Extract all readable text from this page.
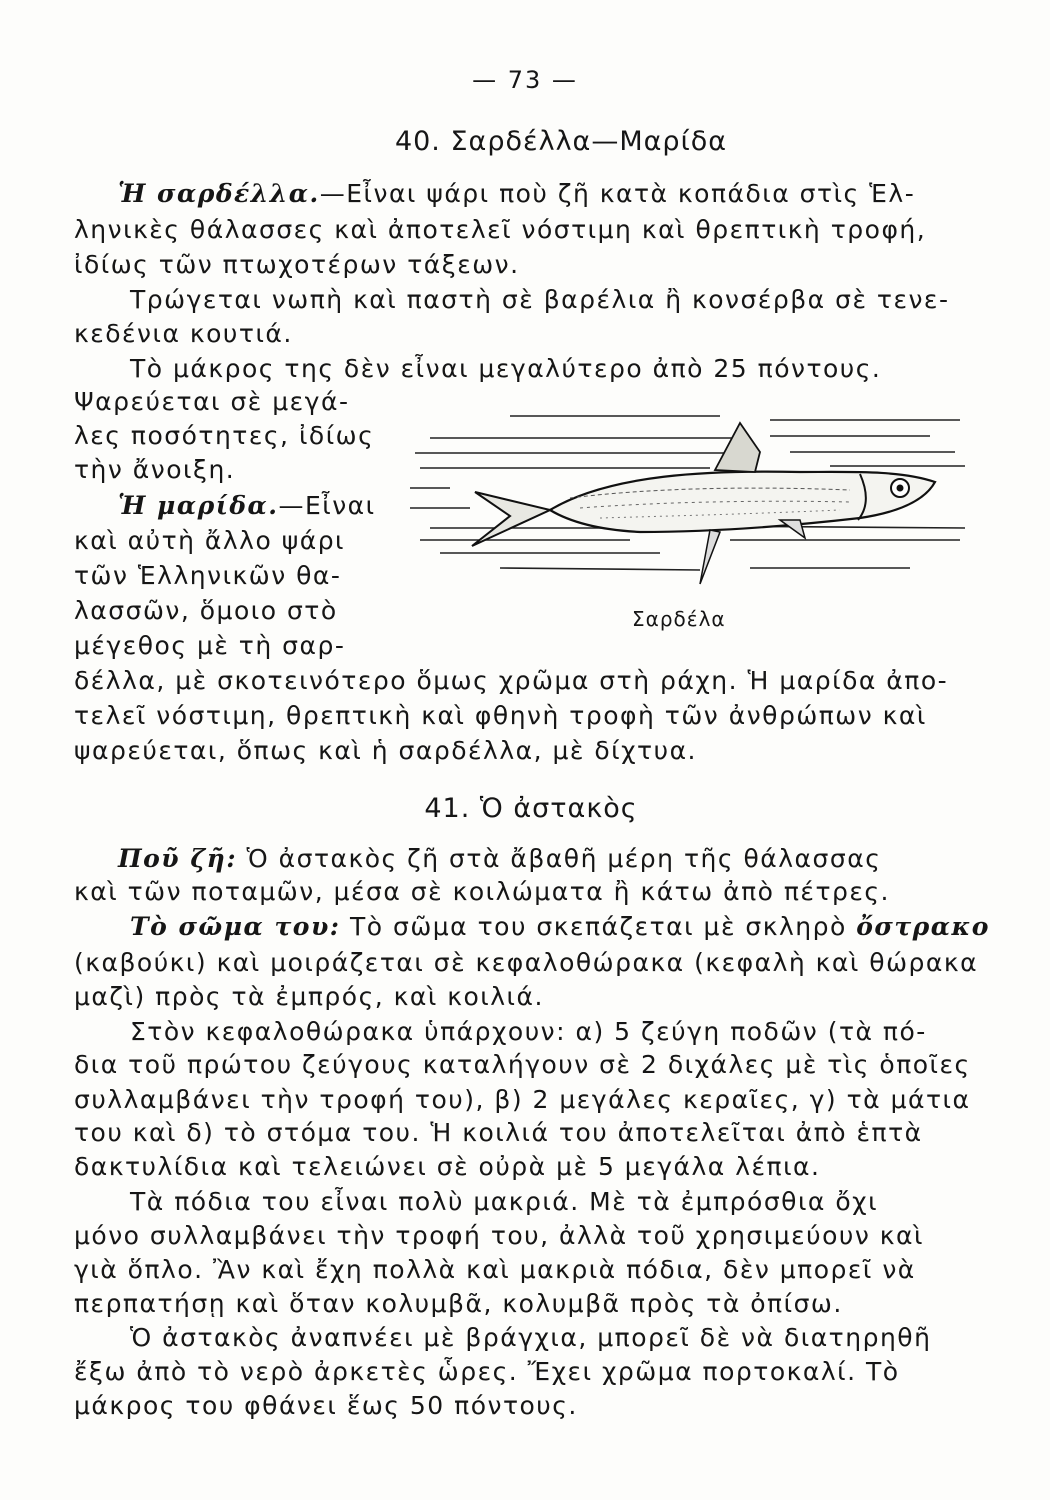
— 73 —
40. Σαρδέλλα—Μαρίδα
Ἡ σαρδέλλα.—Εἶναι ψάρι ποὺ ζῆ κατὰ κοπάδια στὶς Ἑλ-
ληνικὲς θάλασσες καὶ ἀποτελεῖ νόστιμη καὶ θρεπτικὴ τροφή,
ἰδίως τῶν πτωχοτέρων τάξεων.
Τρώγεται νωπὴ καὶ παστὴ σὲ βαρέλια ἢ κονσέρβα σὲ τενε-
κεδένια κουτιά.
Τὸ μάκρος της δὲν εἶναι μεγαλύτερο ἀπὸ 25 πόντους.
Ψαρεύεται σὲ μεγά-
λες ποσότητες, ἰδίως
τὴν ἄνοιξη.
Ἡ μαρίδα.—Εἶναι
καὶ αὐτὴ ἄλλο ψάρι
τῶν Ἑλληνικῶν θα-
λασσῶν, ὅμοιο στὸ
μέγεθος μὲ τὴ σαρ-
δέλλα, μὲ σκοτεινότερο ὅμως χρῶμα στὴ ράχη. Ἡ μαρίδα ἀπο-
τελεῖ νόστιμη, θρεπτικὴ καὶ φθηνὴ τροφὴ τῶν ἀνθρώπων καὶ
ψαρεύεται, ὅπως καὶ ἡ σαρδέλλα, μὲ δίχτυα.
Σαρδέλα
41. Ὁ ἀστακὸς
Ποῦ ζῆ: Ὁ ἀστακὸς ζῆ στὰ ἄβαθῆ μέρη τῆς θάλασσας
καὶ τῶν ποταμῶν, μέσα σὲ κοιλώματα ἢ κάτω ἀπὸ πέτρες.
Τὸ σῶμα του: Τὸ σῶμα του σκεπάζεται μὲ σκληρὸ ὄστρακο
(καβούκι) καὶ μοιράζεται σὲ κεφαλοθώρακα (κεφαλὴ καὶ θώρακα
μαζὶ) πρὸς τὰ ἐμπρός, καὶ κοιλιά.
Στὸν κεφαλοθώρακα ὑπάρχουν: α) 5 ζεύγη ποδῶν (τὰ πό-
δια τοῦ πρώτου ζεύγους καταλήγουν σὲ 2 διχάλες μὲ τὶς ὁποῖες
συλλαμβάνει τὴν τροφή του), β) 2 μεγάλες κεραῖες, γ) τὰ μάτια
του καὶ δ) τὸ στόμα του. Ἡ κοιλιά του ἀποτελεῖται ἀπὸ ἑπτὰ
δακτυλίδια καὶ τελειώνει σὲ οὐρὰ μὲ 5 μεγάλα λέπια.
Τὰ πόδια του εἶναι πολὺ μακριά. Μὲ τὰ ἐμπρόσθια ὄχι
μόνο συλλαμβάνει τὴν τροφή του, ἀλλὰ τοῦ χρησιμεύουν καὶ
γιὰ ὅπλο. Ἂν καὶ ἔχη πολλὰ καὶ μακριὰ πόδια, δὲν μπορεῖ νὰ
περπατήσῃ καὶ ὅταν κολυμβᾶ, κολυμβᾶ πρὸς τὰ ὀπίσω.
Ὁ ἀστακὸς ἀναπνέει μὲ βράγχια, μπορεῖ δὲ νὰ διατηρηθῆ
ἔξω ἀπὸ τὸ νερὸ ἀρκετὲς ὧρες. Ἔχει χρῶμα πορτοκαλί. Τὸ
μάκρος του φθάνει ἕως 50 πόντους.
